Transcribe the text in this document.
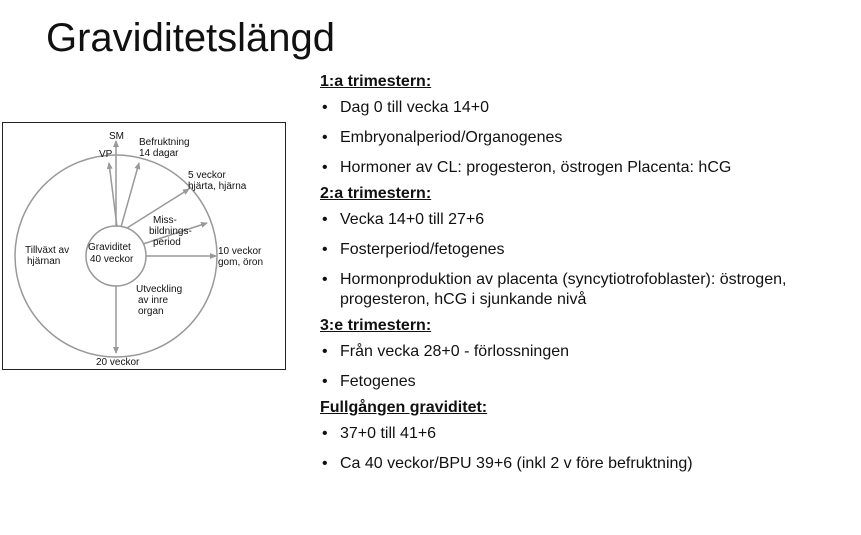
Graviditetslängd
Graviditet
40 veckor
SM
VP
Befruktning
14 dagar
5 veckor
hjärta, hjärna
Miss-
bildnings-
period
10 veckor
gom, öron
Utveckling
av inre
organ
Tillväxt av
hjärnan
20 veckor
1:a trimestern:
• Dag 0 till vecka 14+0
• Embryonalperiod/Organogenes
• Hormoner av CL: progesteron, östrogen Placenta: hCG
2:a trimestern:
• Vecka 14+0 till 27+6
• Fosterperiod/fetogenes
• Hormonproduktion av placenta (syncytiotrofoblaster): östrogen,
progesteron, hCG i sjunkande nivå
3:e trimestern:
• Från vecka 28+0 - förlossningen
• Fetogenes
Fullgången graviditet:
• 37+0 till 41+6
• Ca 40 veckor/BPU 39+6 (inkl 2 v före befruktning)
